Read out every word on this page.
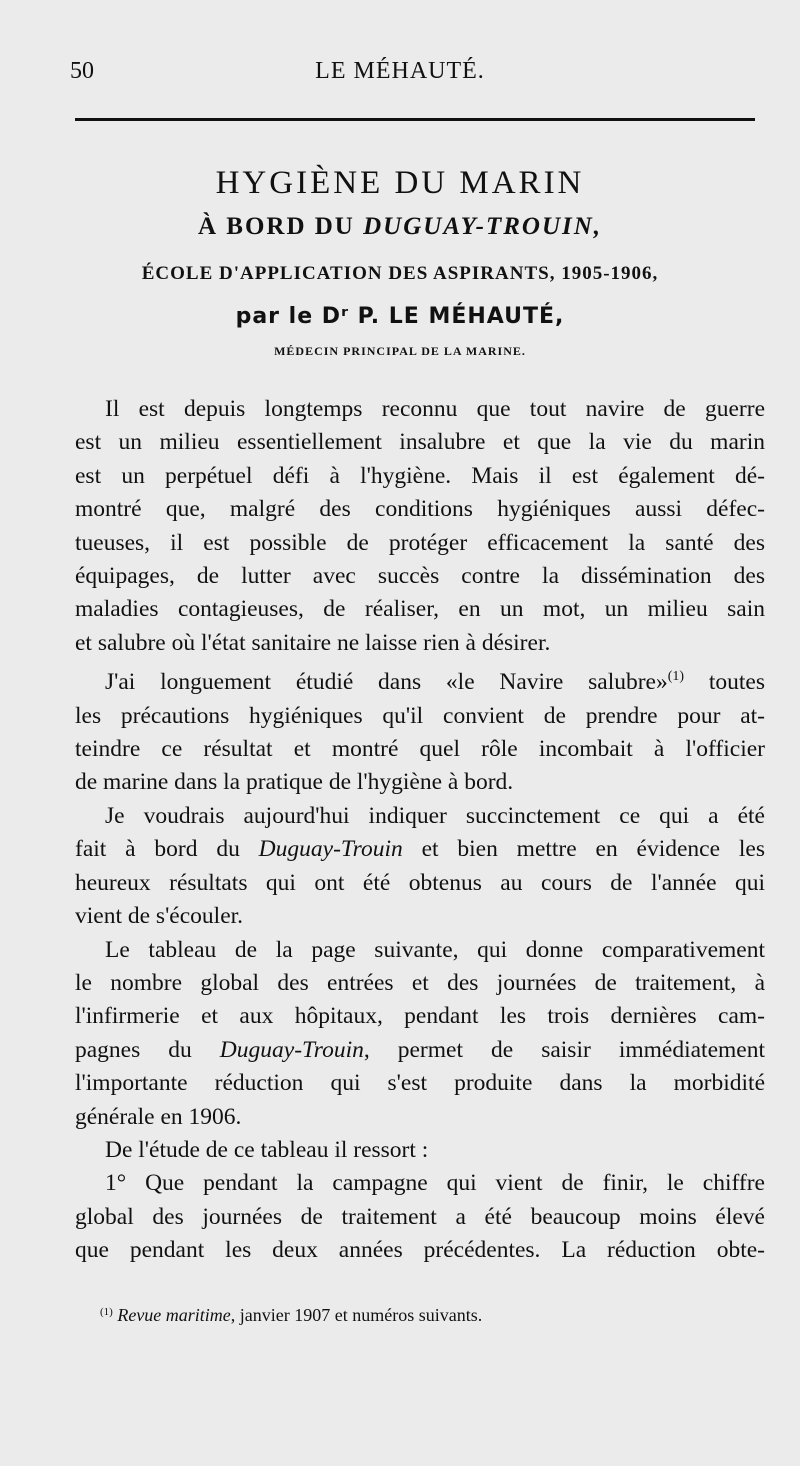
50	LE MÉHAUTÉ.
HYGIÈNE DU MARIN
À BORD DU DUGUAY-TROUIN,
ÉCOLE D'APPLICATION DES ASPIRANTS, 1905-1906,
par le Dʳ P. LE MÉHAUTÉ,
MÉDECIN PRINCIPAL DE LA MARINE.
Il est depuis longtemps reconnu que tout navire de guerre
est un milieu essentiellement insalubre et que la vie du marin
est un perpétuel défi à l'hygiène. Mais il est également dé-
montré que, malgré des conditions hygiéniques aussi défec-
tueuses, il est possible de protéger efficacement la santé des
équipages, de lutter avec succès contre la dissémination des
maladies contagieuses, de réaliser, en un mot, un milieu sain
et salubre où l'état sanitaire ne laisse rien à désirer.
J'ai longuement étudié dans «le Navire salubre»$^{(1)}$ toutes
les précautions hygiéniques qu'il convient de prendre pour at-
teindre ce résultat et montré quel rôle incombait à l'officier
de marine dans la pratique de l'hygiène à bord.
Je voudrais aujourd'hui indiquer succinctement ce qui a été
fait à bord du Duguay-Trouin et bien mettre en évidence les
heureux résultats qui ont été obtenus au cours de l'année qui
vient de s'écouler.
Le tableau de la page suivante, qui donne comparativement
le nombre global des entrées et des journées de traitement, à
l'infirmerie et aux hôpitaux, pendant les trois dernières cam-
pagnes du Duguay-Trouin, permet de saisir immédiatement
l'importante réduction qui s'est produite dans la morbidité
générale en 1906.
De l'étude de ce tableau il ressort :
1° Que pendant la campagne qui vient de finir, le chiffre
global des journées de traitement a été beaucoup moins élevé
que pendant les deux années précédentes. La réduction obte-
$^{(1)}$ Revue maritime, janvier 1907 et numéros suivants.
